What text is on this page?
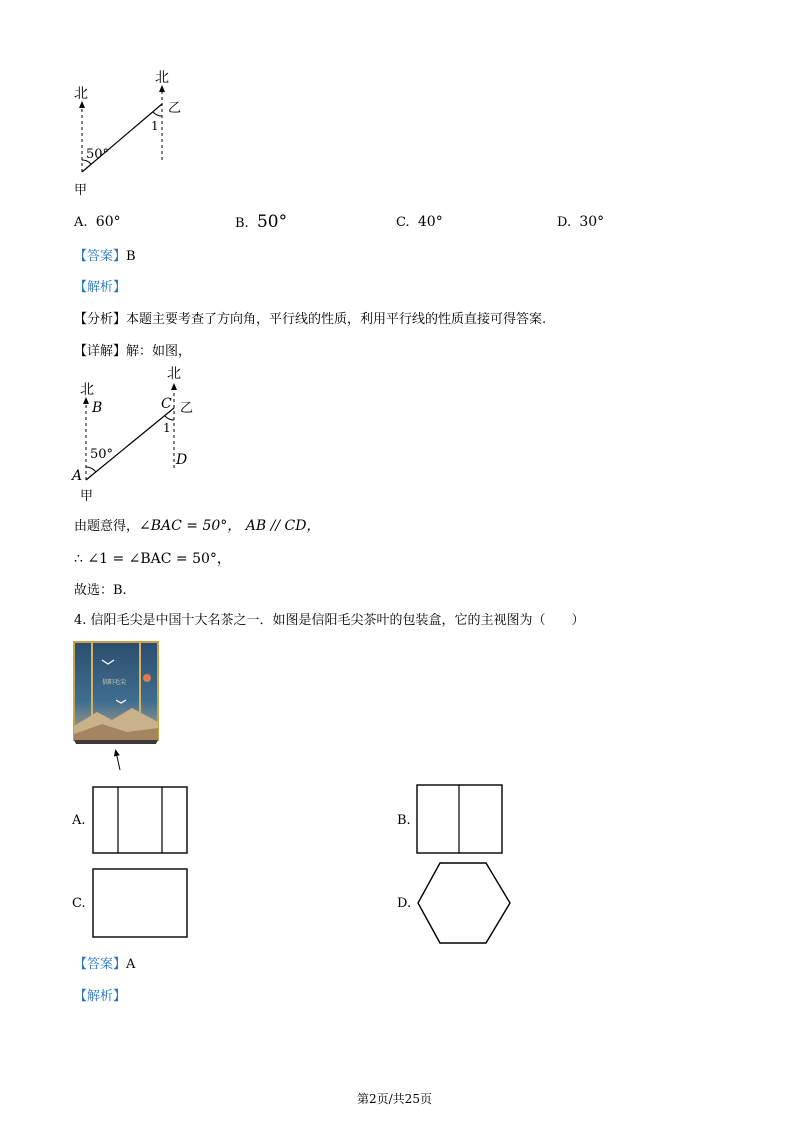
北
北
50°
甲
乙
1
A. 60°	B. 50°	C. 40°	D. 30°
【答案】B
【解析】
【分析】本题主要考查了方向角，平行线的性质，利用平行线的性质直接可得答案.
【详解】解：如图，
北
北
B	C 乙
1
D
50°
A
甲
由题意得，∠BAC = 50°， AB // CD，
∴ ∠1 = ∠BAC = 50°，
故选：B.
4. 信阳毛尖是中国十大名茶之一．如图是信阳毛尖茶叶的包装盒，它的主视图为（　　）
信阳毛尖
A.	B.
C.	D.
【答案】A
【解析】
第2页/共25页
